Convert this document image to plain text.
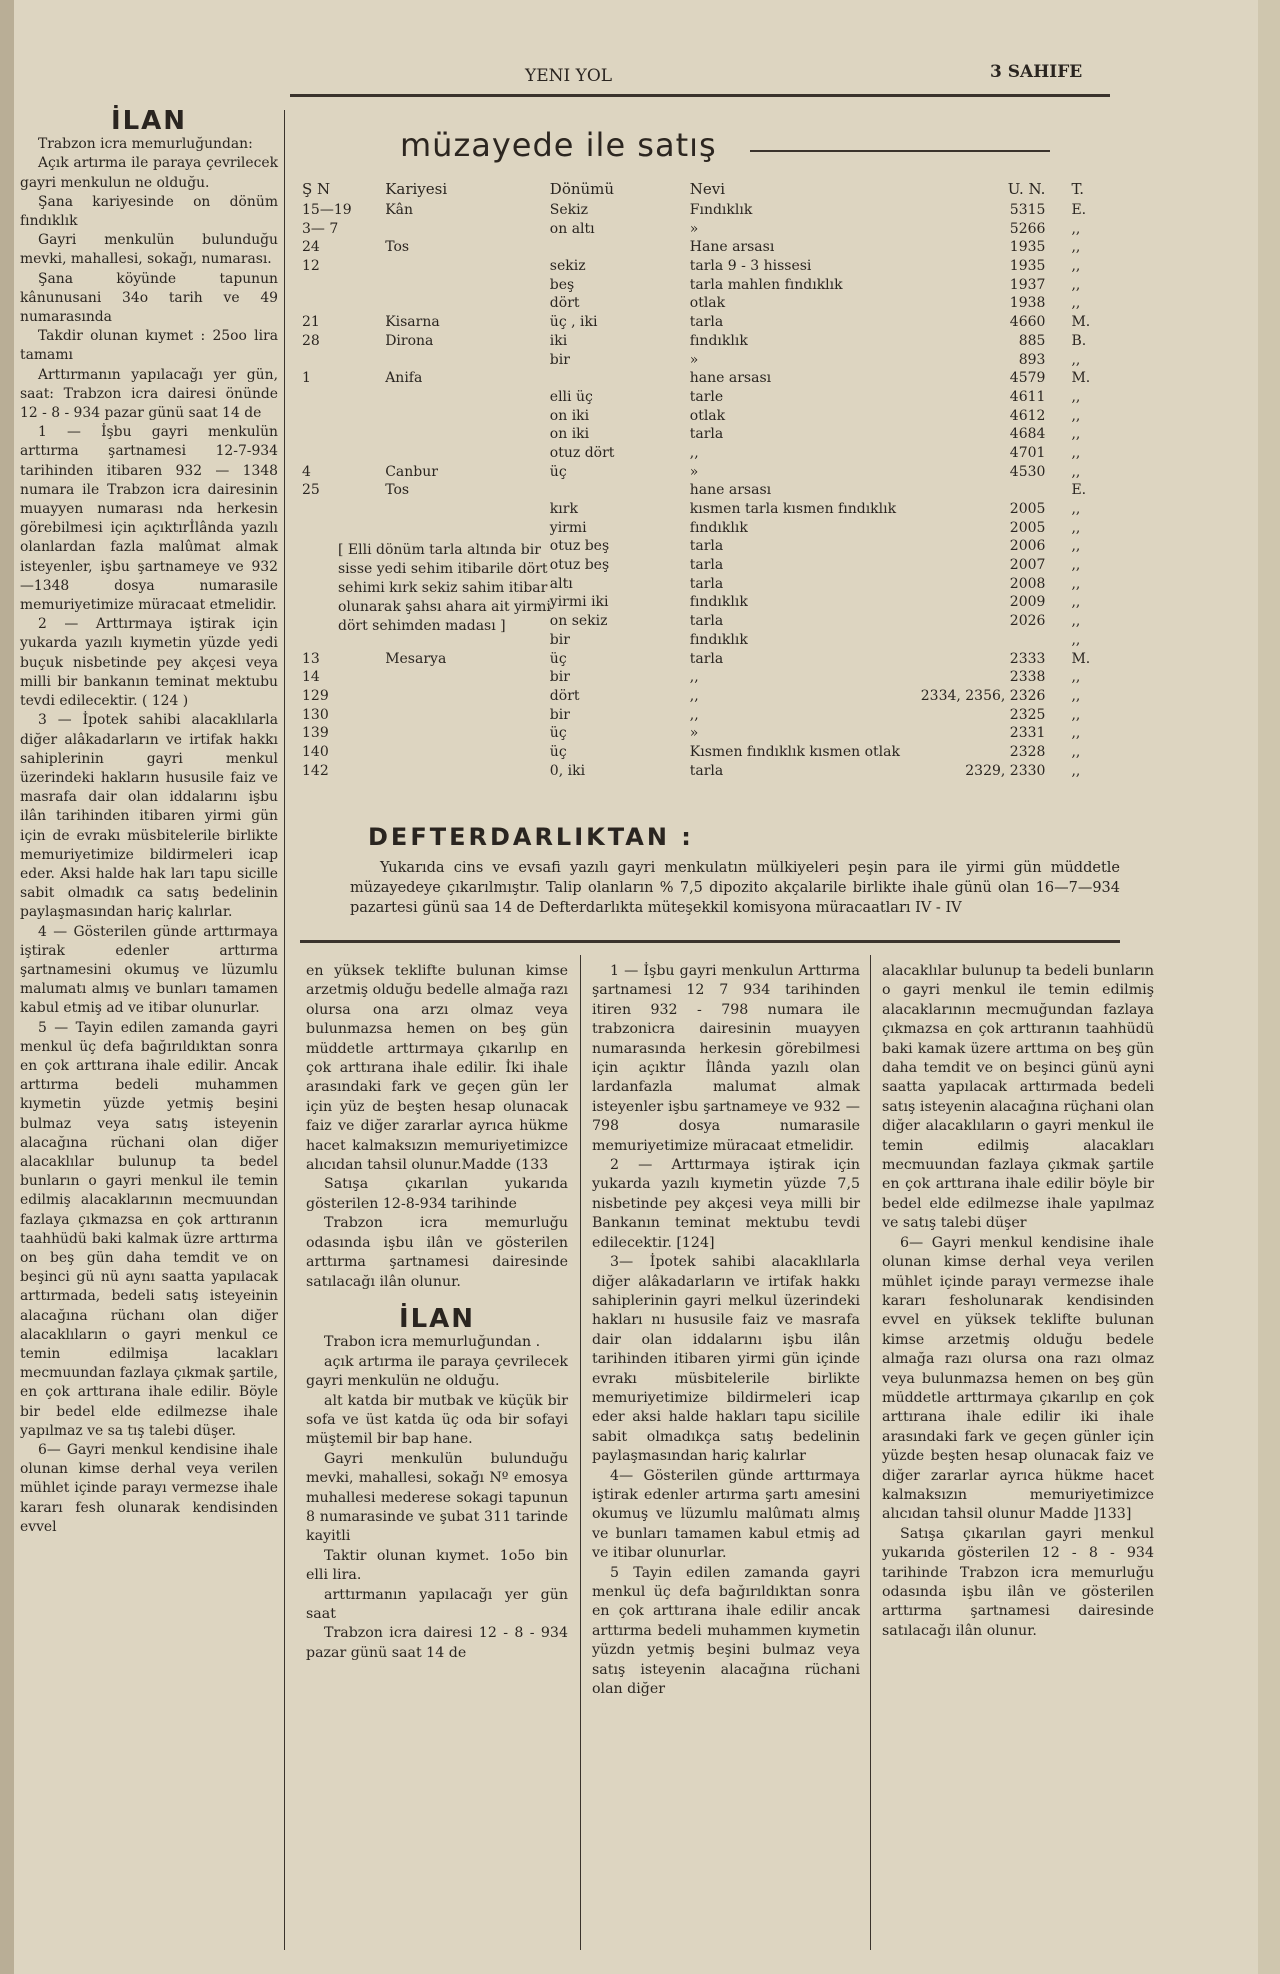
YENI YOL	3 SAHIFE
İLAN

Trabzon icra memurluğundan:

Açık artırma ile paraya çevrilecek gayri menkulun ne olduğu.

Şana kariyesinde on dönüm fındıklık

Gayri menkulün bulunduğu mevki, mahallesi, sokağı, numarası.

Şana köyünde tapunun kânunusani 34o tarih ve 49 numarasında

Takdir olunan kıymet : 25oo lira tamamı

Arttırmanın yapılacağı yer gün, saat: Trabzon icra dairesi önünde 12 - 8 - 934 pazar günü saat 14 de

1 — İşbu gayri menkulün arttırma şartnamesi 12-7-934 tarihinden itibaren 932 — 1348 numara ile Trabzon icra dairesinin muayyen numarası nda herkesin görebilmesi için açıktırİlânda yazılı olanlardan fazla malûmat almak isteyenler, işbu şartnameye ve 932—1348 dosya numarasile memuriyetimize müracaat etmelidir.

2 — Arttırmaya iştirak için yukarda yazılı kıymetin yüzde yedi buçuk nisbetinde pey akçesi veya milli bir bankanın teminat mektubu tevdi edilecektir. ( 124 )

3 — İpotek sahibi alacaklılarla diğer alâkadarların ve irtifak hakkı sahiplerinin gayri menkul üzerindeki hakların hususile faiz ve masrafa dair olan iddalarını işbu ilân tarihinden itibaren yirmi gün için de evrakı müsbitelerile birlikte memuriyetimize bildirmeleri icap eder. Aksi halde hak ları tapu sicille sabit olmadık ca satış bedelinin paylaşmasından hariç kalırlar.

4 — Gösterilen günde arttırmaya iştirak edenler arttırma şartnamesini okumuş ve lüzumlu malumatı almış ve bunları tamamen kabul etmiş ad ve itibar olunurlar.

5 — Tayin edilen zamanda gayri menkul üç defa bağırıldıktan sonra en çok arttırana ihale edilir. Ancak arttırma bedeli muhammen kıymetin yüzde yetmiş beşini bulmaz veya satış isteyenin alacağına rüchani olan diğer alacaklılar bulunup ta bedel bunların o gayri menkul ile temin edilmiş alacaklarının mecmuundan fazlaya çıkmazsa en çok arttıranın taahhüdü baki kalmak üzre arttırma on beş gün daha temdit ve on beşinci gü nü aynı saatta yapılacak arttırmada, bedeli satış isteyeinin alacağına rüchanı olan diğer alacaklıların o gayri menkul ce temin edilmişa lacakları mecmuundan fazlaya çıkmak şartile, en çok arttırana ihale edilir. Böyle bir bedel elde edilmezse ihale yapılmaz ve sa tış talebi düşer.

6— Gayri menkul kendisine ihale olunan kimse derhal veya verilen mühlet içinde parayı vermezse ihale kararı fesh olunarak kendisinden evvel

müzayede ile satış
Ş N	Kariyesi	Dönümü	Nevi	U. N.	T.
15—19	Kân	Sekiz	Fındıklık	5315	E.
3— 7		on altı	»	5266	,,
24	Tos		Hane arsası	1935	,,
12		sekiz	tarla 9 - 3 hissesi	1935	,,
		beş	tarla mahlen fındıklık	1937	,,
		dört	otlak	1938	,,
21	Kisarna	üç , iki	tarla	4660	M.
28	Dirona	iki	fındıklık	885	B.
		bir	»	893	,,
1	Anifa		hane arsası	4579	M.
		elli üç	tarle	4611	,,
		on iki	otlak	4612	,,
		on iki	tarla	4684	,,
		otuz dört	,,	4701	,,
4	Canbur	üç	»	4530	,,
25	Tos		hane arsası		E.
		kırk	kısmen tarla kısmen fındıklık	2005	,,
		yirmi	fındıklık	2005	,,
		otuz beş	tarla	2006	,,
		otuz beş	tarla	2007	,,
		altı	tarla	2008	,,
		yirmi iki	fındıklık	2009	,,
		on sekiz	tarla	2026	,,
		bir	fındıklık		,,
13	Mesarya	üç	tarla	2333	M.
14		bir	,,	2338	,,
129		dört	,,	2334, 2356, 2326	,,
130		bir	,,	2325	,,
139		üç	»	2331	,,
140		üç	Kısmen fındıklık kısmen otlak	2328	,,
142		0, iki	tarla	2329, 2330	,,
[ Elli dönüm tarla altında bir sisse yedi sehim itibarile dört sehimi kırk sekiz sahim itibar olunarak şahsı ahara ait yirmi dört sehimden madası ]
DEFTERDARLIKTAN :

Yukarıda cins ve evsafi yazılı gayri menkulatın mülkiyeleri peşin para ile yirmi gün müddetle müzayedeye çıkarılmıştır. Talip olanların % 7,5 dipozito akçalarile birlikte ihale günü olan 16—7—934 pazartesi günü saa 14 de Defterdarlıkta müteşekkil komisyona müracaatları IV - IV

en yüksek teklifte bulunan kimse arzetmiş olduğu bedelle almağa razı olursa ona arzı olmaz veya bulunmazsa hemen on beş gün müddetle arttırmaya çıkarılıp en çok arttırana ihale edilir. İki ihale arasındaki fark ve geçen gün ler için yüz de beşten hesap olunacak faiz ve diğer zararlar ayrıca hükme hacet kalmaksızın memuriyetimizce alıcıdan tahsil olunur.Madde (133

Satışa çıkarılan yukarıda gösterilen 12-8-934 tarihinde

Trabzon icra memurluğu odasında işbu ilân ve gösterilen arttırma şartnamesi dairesinde satılacağı ilân olunur.

İLAN

Trabon icra memurluğundan .

açık artırma ile paraya çevrilecek gayri menkulün ne olduğu.

alt katda bir mutbak ve küçük bir sofa ve üst katda üç oda bir sofayi müştemil bir bap hane.

Gayri menkulün bulunduğu mevki, mahallesi, sokağı Nº emosya muhallesi mederese sokagi tapunun 8 numarasinde ve şubat 311 tarinde kayitli

Taktir olunan kıymet. 1o5o bin elli lira.

arttırmanın yapılacağı yer gün saat

Trabzon icra dairesi 12 - 8 - 934 pazar günü saat 14 de

1 — İşbu gayri menkulun Arttırma şartnamesi 12 7 934 tarihinden itiren 932 - 798 numara ile trabzonicra dairesinin muayyen numarasında herkesin görebilmesi için açıktır İlânda yazılı olan lardanfazla malumat almak isteyenler işbu şartnameye ve 932 — 798 dosya numarasile memuriyetimize müracaat etmelidir.

2 — Arttırmaya iştirak için yukarda yazılı kıymetin yüzde 7,5 nisbetinde pey akçesi veya milli bir Bankanın teminat mektubu tevdi edilecektir. [124]

3— İpotek sahibi alacaklılarla diğer alâkadarların ve irtifak hakkı sahiplerinin gayri melkul üzerindeki hakları nı hususile faiz ve masrafa dair olan iddalarını işbu ilân tarihinden itibaren yirmi gün içinde evrakı müsbitelerile birlikte memuriyetimize bildirmeleri icap eder aksi halde hakları tapu sicilile sabit olmadıkça satış bedelinin paylaşmasından hariç kalırlar

4— Gösterilen günde arttırmaya iştirak edenler artırma şartı amesini okumuş ve lüzumlu malûmatı almış ve bunları tamamen kabul etmiş ad ve itibar olunurlar.

5 Tayin edilen zamanda gayri menkul üç defa bağırıldıktan sonra en çok arttırana ihale edilir ancak arttırma bedeli muhammen kıymetin yüzdn yetmiş beşini bulmaz veya satış isteyenin alacağına rüchani olan diğer

alacaklılar bulunup ta bedeli bunların o gayri menkul ile temin edilmiş alacaklarının mecmuğundan fazlaya çıkmazsa en çok arttıranın taahhüdü baki kamak üzere arttıma on beş gün daha temdit ve on beşinci günü ayni saatta yapılacak arttırmada bedeli satış isteyenin alacağına rüçhani olan diğer alacaklıların o gayri menkul ile temin edilmiş alacakları mecmuundan fazlaya çıkmak şartile en çok arttırana ihale edilir böyle bir bedel elde edilmezse ihale yapılmaz ve satış talebi düşer

6— Gayri menkul kendisine ihale olunan kimse derhal veya verilen mühlet içinde parayı vermezse ihale kararı fesholunarak kendisinden evvel en yüksek teklifte bulunan kimse arzetmiş olduğu bedele almağa razı olursa ona razı olmaz veya bulunmazsa hemen on beş gün müddetle arttırmaya çıkarılıp en çok arttırana ihale edilir iki ihale arasındaki fark ve geçen günler için yüzde beşten hesap olunacak faiz ve diğer zararlar ayrıca hükme hacet kalmaksızın memuriyetimizce alıcıdan tahsil olunur Madde ]133]

Satışa çıkarılan gayri menkul yukarıda gösterilen 12 - 8 - 934 tarihinde Trabzon icra memurluğu odasında işbu ilân ve gösterilen arttırma şartnamesi dairesinde satılacağı ilân olunur.
